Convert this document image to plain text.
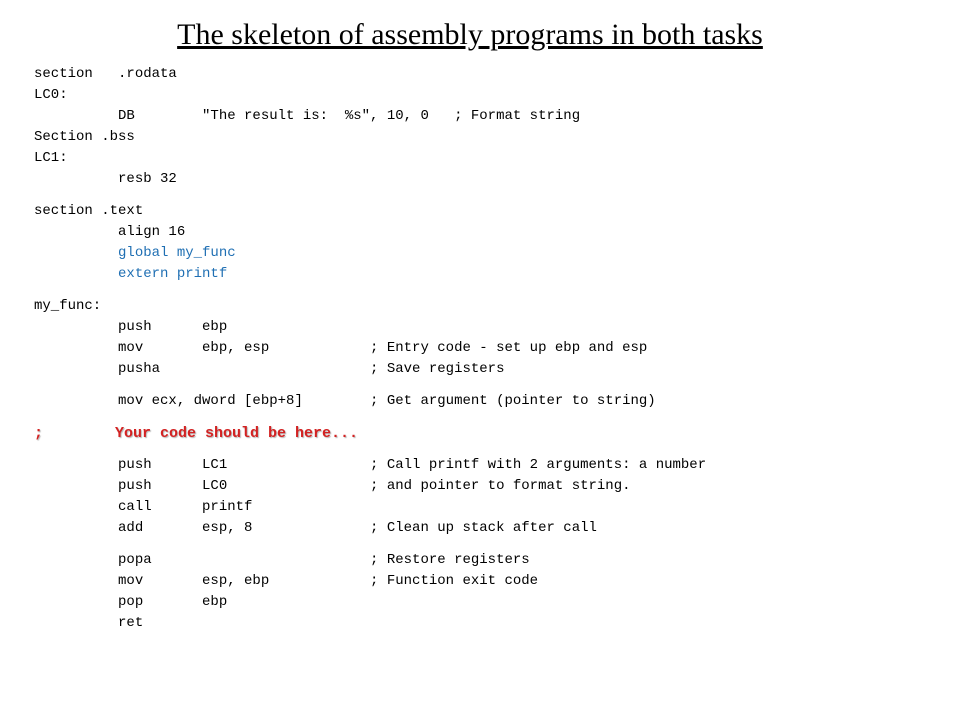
The skeleton of assembly programs in both tasks
section   .rodata
LC0:
DB        "The result is:  %s", 10, 0   ; Format string
Section .bss
LC1:
resb 32
section .text
align 16
global my_func
extern printf
my_func:
push      ebp
mov       ebp, esp            ; Entry code - set up ebp and esp
pusha                         ; Save registers
mov ecx, dword [ebp+8]        ; Get argument (pointer to string)
;        Your code should be here...
push      LC1                 ; Call printf with 2 arguments: a number
push      LC0                 ; and pointer to format string.
call      printf
add       esp, 8              ; Clean up stack after call
popa                          ; Restore registers
mov       esp, ebp            ; Function exit code
pop       ebp
ret
